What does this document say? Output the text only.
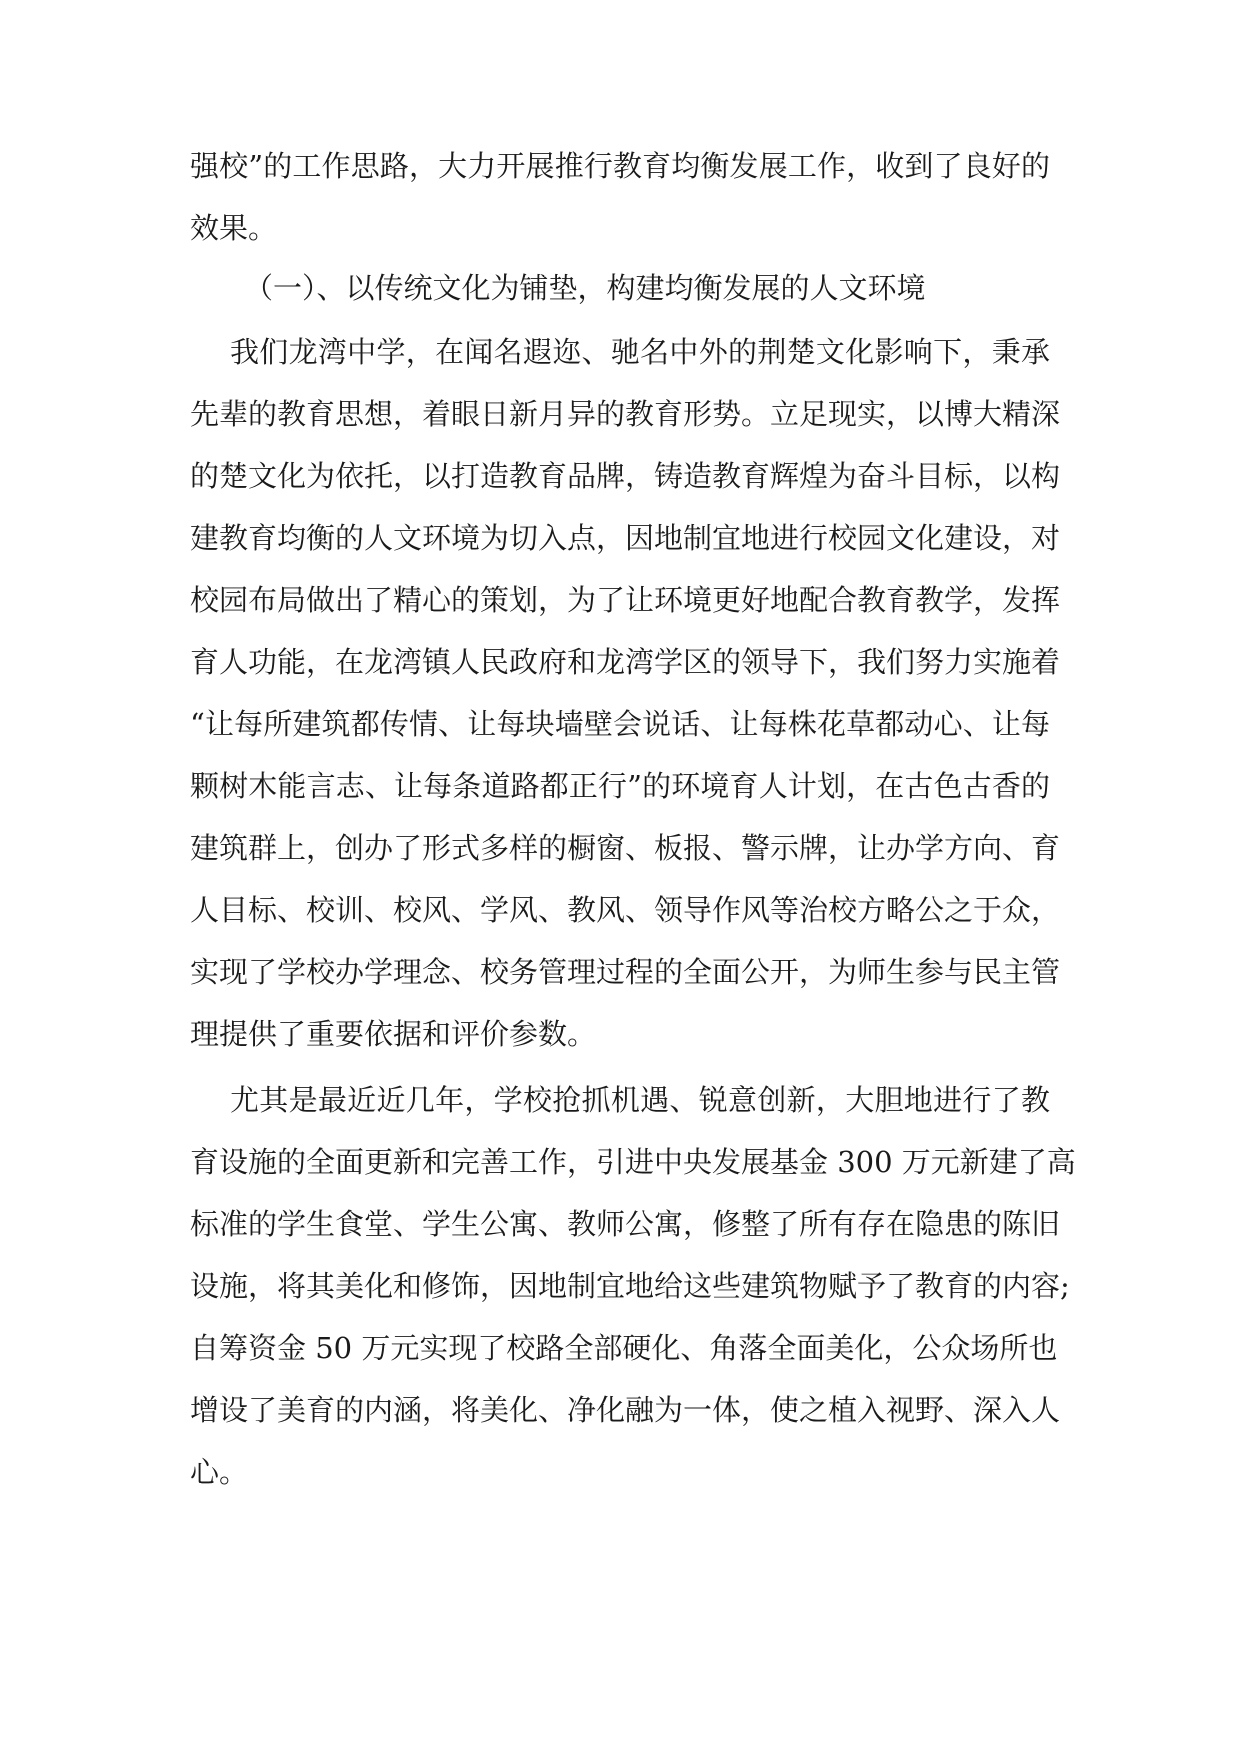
强校”的工作思路，大力开展推行教育均衡发展工作，收到了良好的
效果。
（一）、以传统文化为铺垫，构建均衡发展的人文环境
我们龙湾中学，在闻名遐迩、驰名中外的荆楚文化影响下，秉承
先辈的教育思想，着眼日新月异的教育形势。立足现实，以博大精深
的楚文化为依托，以打造教育品牌，铸造教育辉煌为奋斗目标，以构
建教育均衡的人文环境为切入点，因地制宜地进行校园文化建设，对
校园布局做出了精心的策划，为了让环境更好地配合教育教学，发挥
育人功能，在龙湾镇人民政府和龙湾学区的领导下，我们努力实施着
“让每所建筑都传情、让每块墙壁会说话、让每株花草都动心、让每
颗树木能言志、让每条道路都正行”的环境育人计划，在古色古香的
建筑群上，创办了形式多样的橱窗、板报、警示牌，让办学方向、育
人目标、校训、校风、学风、教风、领导作风等治校方略公之于众，
实现了学校办学理念、校务管理过程的全面公开，为师生参与民主管
理提供了重要依据和评价参数。
尤其是最近近几年，学校抢抓机遇、锐意创新，大胆地进行了教
育设施的全面更新和完善工作，引进中央发展基金 300 万元新建了高
标准的学生食堂、学生公寓、教师公寓，修整了所有存在隐患的陈旧
设施，将其美化和修饰，因地制宜地给这些建筑物赋予了教育的内容;
自筹资金 50 万元实现了校路全部硬化、角落全面美化，公众场所也
增设了美育的内涵，将美化、净化融为一体，使之植入视野、深入人
心。
